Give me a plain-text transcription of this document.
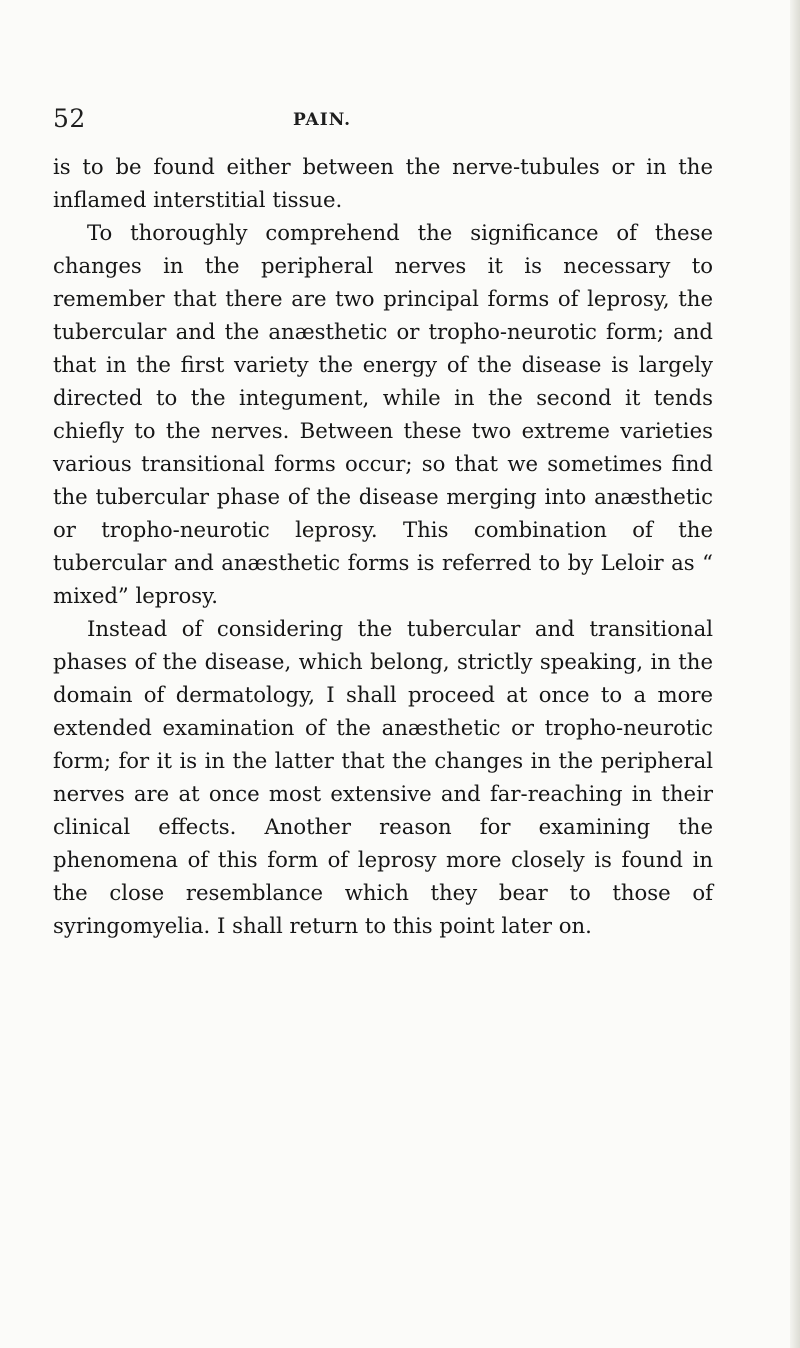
52	PAIN.

is to be found either between the nerve-tubules or in the inflamed interstitial tissue.

To thoroughly comprehend the significance of these changes in the peripheral nerves it is necessary to remember that there are two principal forms of leprosy, the tubercular and the anæsthetic or tropho-neurotic form; and that in the first variety the energy of the disease is largely directed to the integument, while in the second it tends chiefly to the nerves. Between these two extreme varieties various transitional forms occur; so that we sometimes find the tubercular phase of the disease merging into anæsthetic or tropho-neurotic leprosy. This combination of the tubercular and anæsthetic forms is referred to by Leloir as “ mixed” leprosy.

Instead of considering the tubercular and transitional phases of the disease, which belong, strictly speaking, in the domain of dermatology, I shall proceed at once to a more extended examination of the anæsthetic or tropho-neurotic form; for it is in the latter that the changes in the peripheral nerves are at once most extensive and far-reaching in their clinical effects. Another reason for examining the phenomena of this form of leprosy more closely is found in the close resemblance which they bear to those of syringomyelia. I shall return to this point later on.
